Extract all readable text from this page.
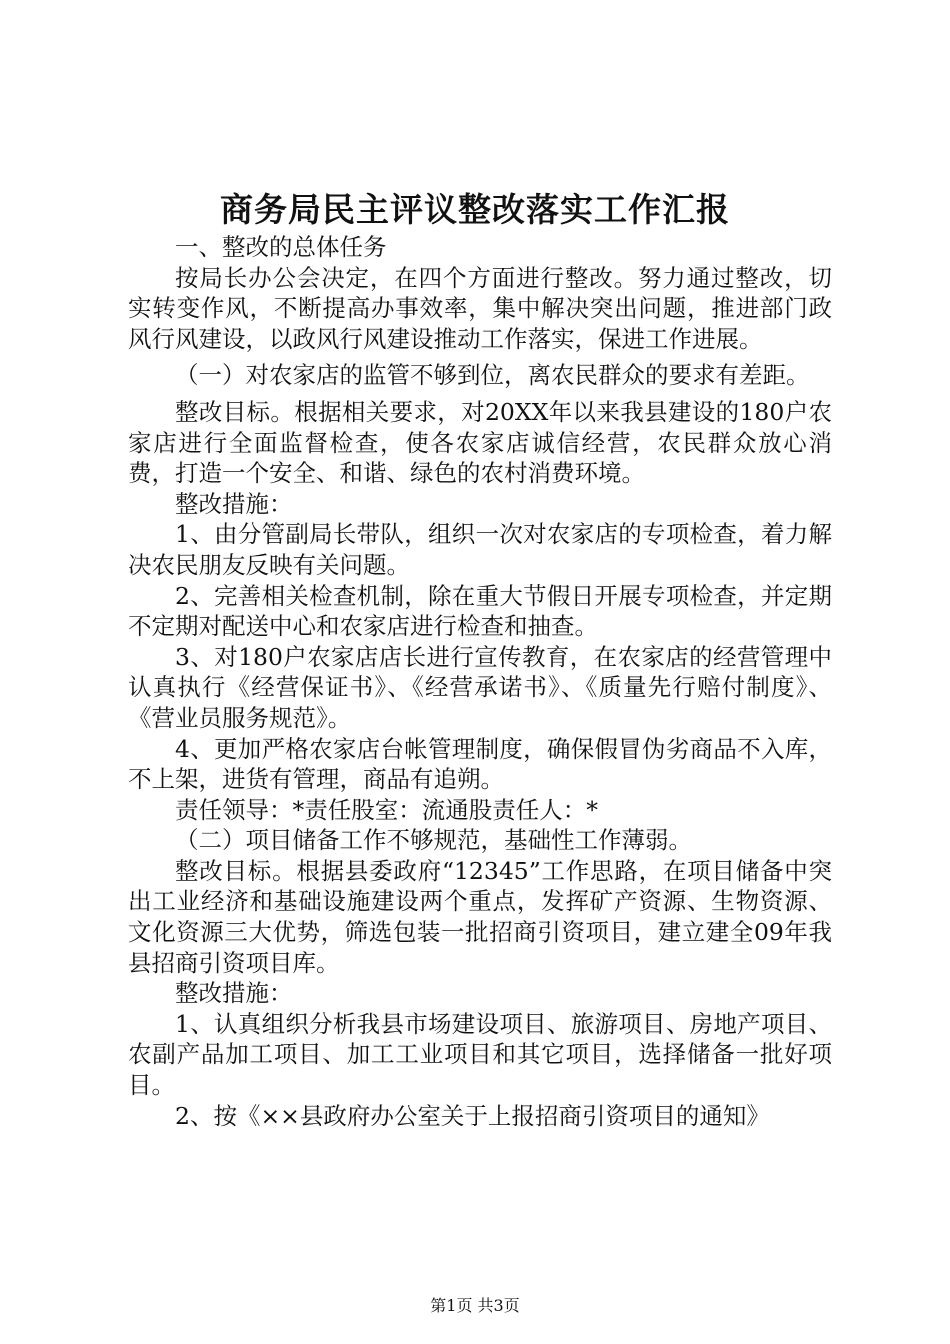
商务局民主评议整改落实工作汇报

一、整改的总体任务

按局长办公会决定，在四个方面进行整改。努力通过整改，切实转变作风，不断提高办事效率，集中解决突出问题，推进部门政风行风建设，以政风行风建设推动工作落实，保进工作进展。

（一）对农家店的监管不够到位，离农民群众的要求有差距。

整改目标。根据相关要求，对20XX年以来我县建设的180户农家店进行全面监督检查，使各农家店诚信经营，农民群众放心消费，打造一个安全、和谐、绿色的农村消费环境。

整改措施：

1、由分管副局长带队，组织一次对农家店的专项检查，着力解决农民朋友反映有关问题。

2、完善相关检查机制，除在重大节假日开展专项检查，并定期不定期对配送中心和农家店进行检查和抽查。

3、对180户农家店店长进行宣传教育，在农家店的经营管理中认真执行《经营保证书》、《经营承诺书》、《质量先行赔付制度》、《营业员服务规范》。

4、更加严格农家店台帐管理制度，确保假冒伪劣商品不入库，不上架，进货有管理，商品有追朔。

责任领导：*责任股室：流通股责任人：*

（二）项目储备工作不够规范，基础性工作薄弱。

整改目标。根据县委政府“12345”工作思路，在项目储备中突出工业经济和基础设施建设两个重点，发挥矿产资源、生物资源、文化资源三大优势，筛选包装一批招商引资项目，建立建全09年我县招商引资项目库。

整改措施：

1、认真组织分析我县市场建设项目、旅游项目、房地产项目、农副产品加工项目、加工工业项目和其它项目，选择储备一批好项目。

2、按《××县政府办公室关于上报招商引资项目的通知》

第1页 共3页
